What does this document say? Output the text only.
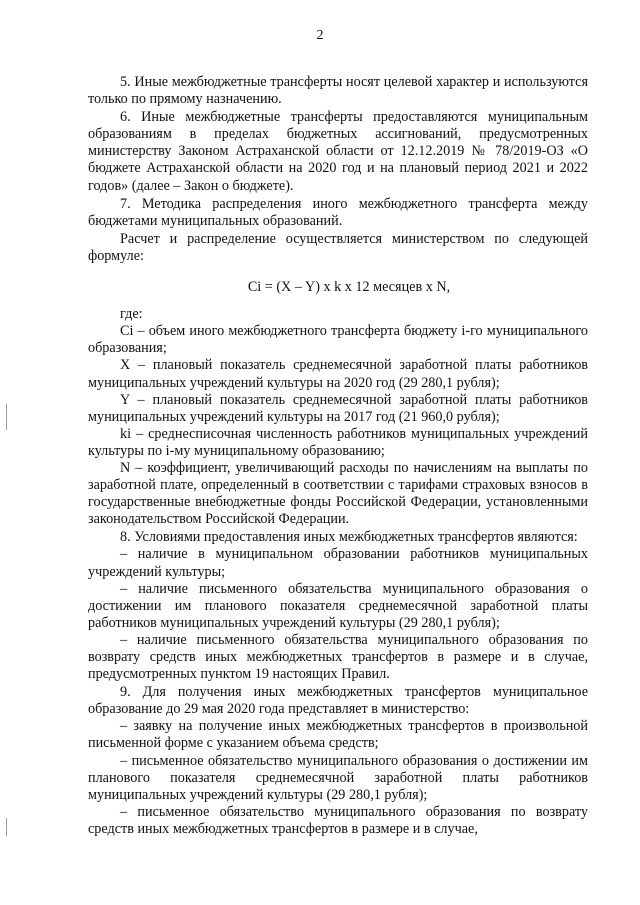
2

5. Иные межбюджетные трансферты носят целевой характер и используются только по прямому назначению.

6. Иные межбюджетные трансферты предоставляются муниципальным образованиям в пределах бюджетных ассигнований, предусмотренных министерству Законом Астраханской области от 12.12.2019 № 78/2019-ОЗ «О бюджете Астраханской области на 2020 год и на плановый период 2021 и 2022 годов» (далее – Закон о бюджете).

7. Методика распределения иного межбюджетного трансферта между бюджетами муниципальных образований.

Расчет и распределение осуществляется министерством по следующей формуле:

Ci = (X – Y) x k x 12 месяцев x N,

где:

Ci – объем иного межбюджетного трансферта бюджету i-го муниципального образования;

X – плановый показатель среднемесячной заработной платы работников муниципальных учреждений культуры на 2020 год (29 280,1 рубля);

Y – плановый показатель среднемесячной заработной платы работников муниципальных учреждений культуры на 2017 год (21 960,0 рубля);

ki – среднесписочная численность работников муниципальных учреждений культуры по i-му муниципальному образованию;

N – коэффициент, увеличивающий расходы по начислениям на выплаты по заработной плате, определенный в соответствии с тарифами страховых взносов в государственные внебюджетные фонды Российской Федерации, установленными законодательством Российской Федерации.

8. Условиями предоставления иных межбюджетных трансфертов являются:

– наличие в муниципальном образовании работников муниципальных учреждений культуры;

– наличие письменного обязательства муниципального образования о достижении им планового показателя среднемесячной заработной платы работников муниципальных учреждений культуры (29 280,1 рубля);

– наличие письменного обязательства муниципального образования по возврату средств иных межбюджетных трансфертов в размере и в случае, предусмотренных пунктом 19 настоящих Правил.

9. Для получения иных межбюджетных трансфертов муниципальное образование до 29 мая 2020 года представляет в министерство:

– заявку на получение иных межбюджетных трансфертов в произвольной письменной форме с указанием объема средств;

– письменное обязательство муниципального образования о достижении им планового показателя среднемесячной заработной платы работников муниципальных учреждений культуры (29 280,1 рубля);

– письменное обязательство муниципального образования по возврату средств иных межбюджетных трансфертов в размере и в случае,
